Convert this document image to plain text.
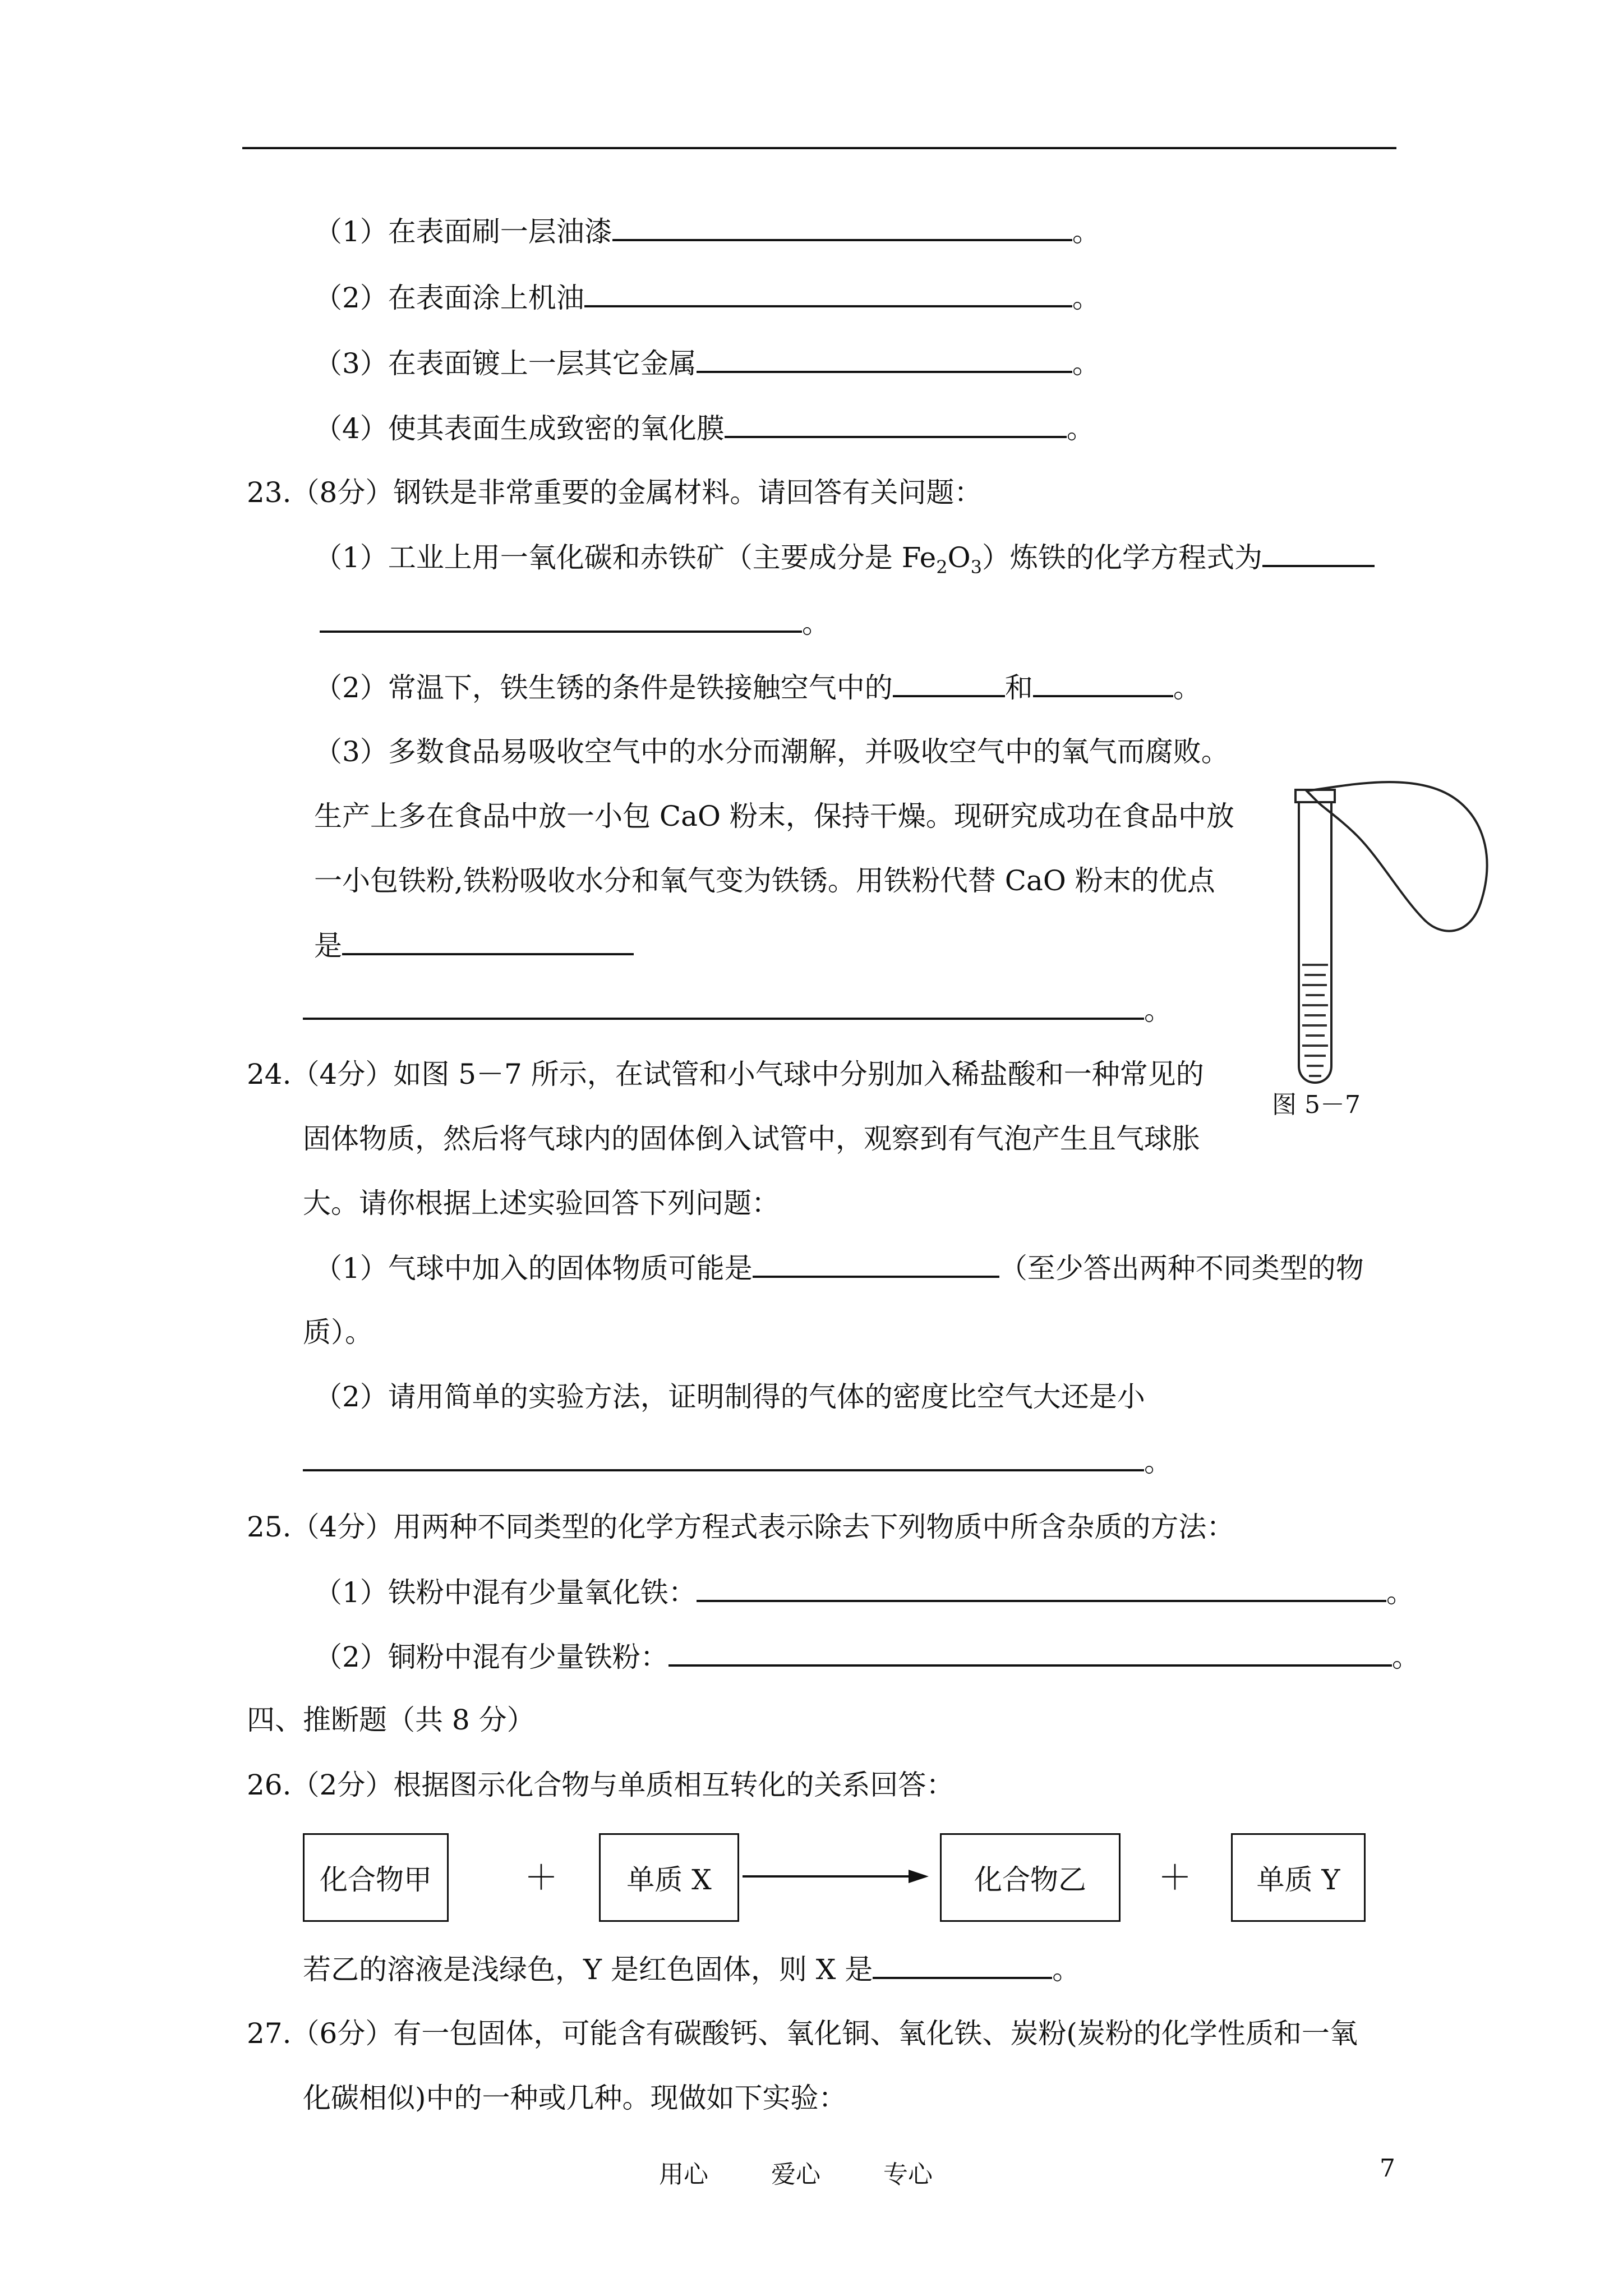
（1）在表面刷一层油漆	。
（2）在表面涂上机油	。
（3）在表面镀上一层其它金属	。
（4）使其表面生成致密的氧化膜	。
23.（8分）钢铁是非常重要的金属材料。请回答有关问题：
（1）工业上用一氧化碳和赤铁矿（主要成分是 $Fe_2O_3$）炼铁的化学方程式为
。
（2）常温下，铁生锈的条件是铁接触空气中的	和	。
（3）多数食品易吸收空气中的水分而潮解，并吸收空气中的氧气而腐败。
生产上多在食品中放一小包 CaO 粉末，保持干燥。现研究成功在食品中放
一小包铁粉,铁粉吸收水分和氧气变为铁锈。用铁粉代替 CaO 粉末的优点
是
。
图 5－7
24.（4分）如图 5－7 所示，在试管和小气球中分别加入稀盐酸和一种常见的
固体物质，然后将气球内的固体倒入试管中，观察到有气泡产生且气球胀
大。请你根据上述实验回答下列问题：
（1）气球中加入的固体物质可能是	（至少答出两种不同类型的物
质）。
（2）请用简单的实验方法，证明制得的气体的密度比空气大还是小
。
25.（4分）用两种不同类型的化学方程式表示除去下列物质中所含杂质的方法：
（1）铁粉中混有少量氧化铁：	。
（2）铜粉中混有少量铁粉：	。
四、推断题（共 8 分）
26.（2分）根据图示化合物与单质相互转化的关系回答：
化合物甲	＋	单质 X	化合物乙	＋	单质 Y
若乙的溶液是浅绿色，Y 是红色固体，则 X 是	。
27.（6分）有一包固体，可能含有碳酸钙、氧化铜、氧化铁、炭粉(炭粉的化学性质和一氧
化碳相似)中的一种或几种。现做如下实验：
用心	爱心	专心	7
